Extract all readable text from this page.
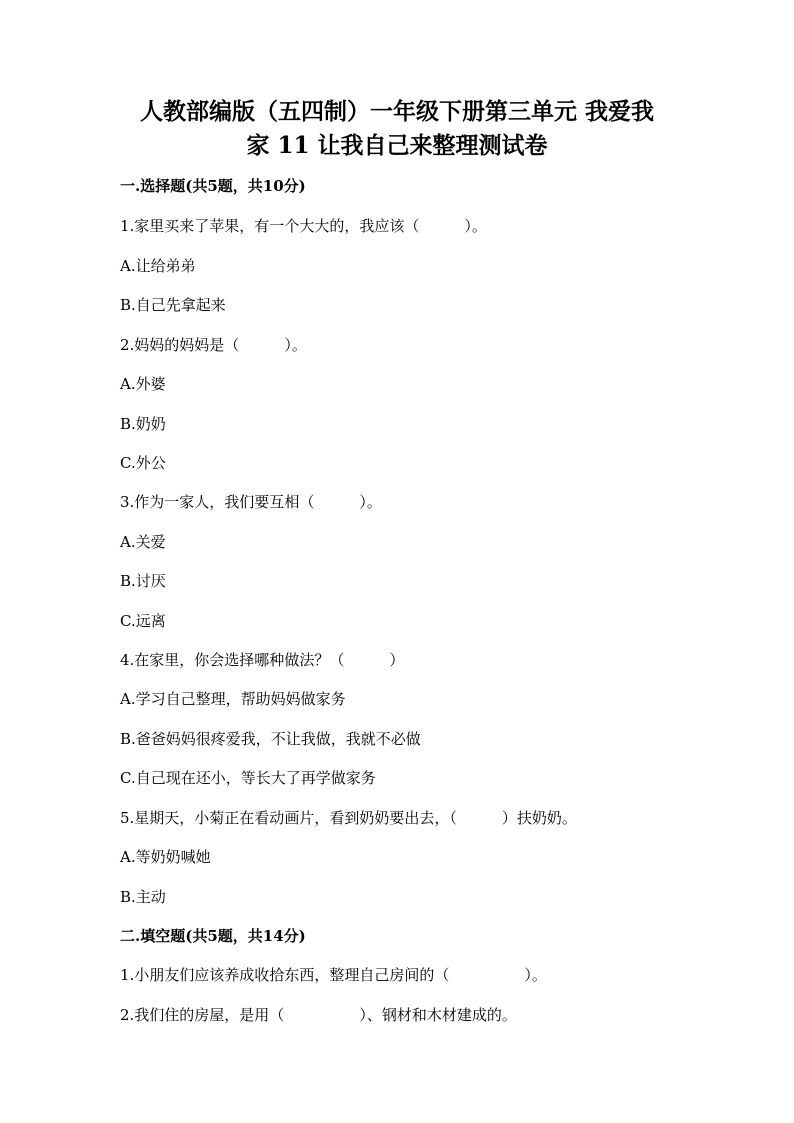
人教部编版（五四制）一年级下册第三单元 我爱我
家 11 让我自己来整理测试卷
一.选择题(共5题，共10分)
1.家里买来了苹果，有一个大大的，我应该（　　　）。
A.让给弟弟
B.自己先拿起来
2.妈妈的妈妈是（　　　）。
A.外婆
B.奶奶
C.外公
3.作为一家人，我们要互相（　　　）。
A.关爱
B.讨厌
C.远离
4.在家里，你会选择哪种做法？（　　　）
A.学习自己整理，帮助妈妈做家务
B.爸爸妈妈很疼爱我，不让我做，我就不必做
C.自己现在还小，等长大了再学做家务
5.星期天，小菊正在看动画片，看到奶奶要出去，（　　　）扶奶奶。
A.等奶奶喊她
B.主动
二.填空题(共5题，共14分)
1.小朋友们应该养成收拾东西，整理自己房间的（　　　　　）。
2.我们住的房屋，是用（　　　　　）、钢材和木材建成的。
